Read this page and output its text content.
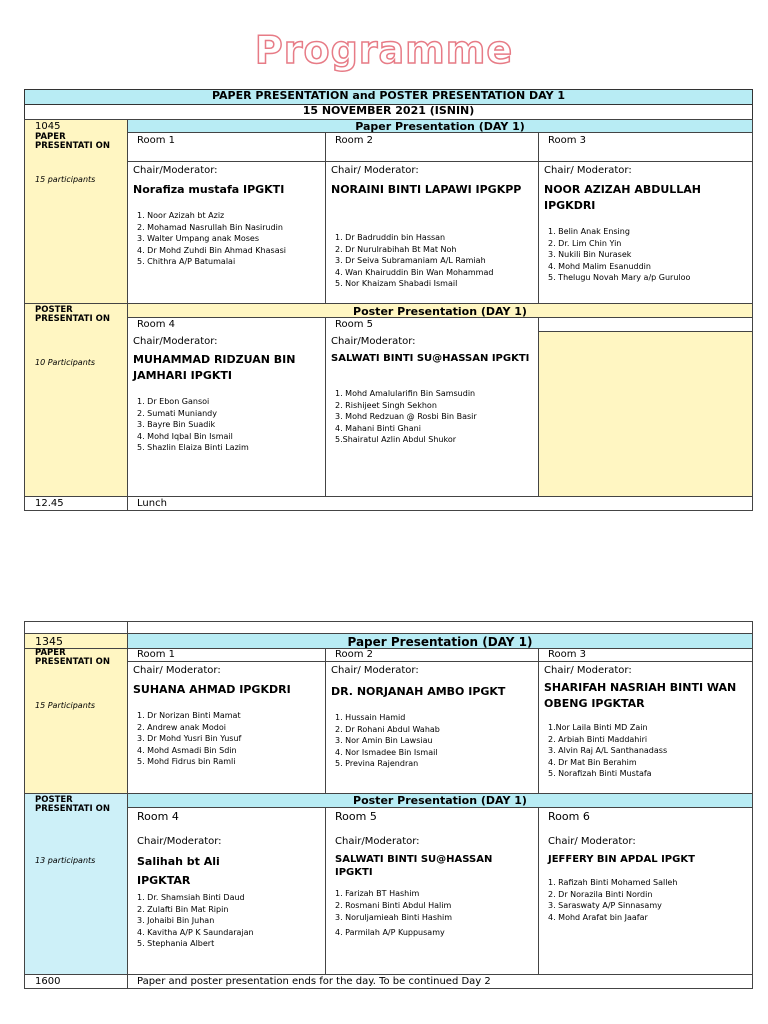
Programme
PAPER PRESENTATION and POSTER PRESENTATION DAY 1
15 NOVEMBER 2021 (ISNIN)
1045
PAPER PRESENTATI ON
15 participants
Paper Presentation (DAY 1)
Room 1	Room 2	Room 3
Chair/Moderator:
Norafiza mustafa IPGKTI
1. Noor Azizah bt Aziz
2. Mohamad Nasrullah Bin Nasirudin
3. Walter Umpang anak Moses
4. Dr Mohd Zuhdi Bin Ahmad Khasasi
5. Chithra A/P Batumalai
Chair/ Moderator:
NORAINI BINTI LAPAWI IPGKPP
1. Dr Badruddin bin Hassan
2. Dr Nurulrabihah Bt Mat Noh
3. Dr Seiva Subramaniam A/L Ramiah
4. Wan Khairuddin Bin Wan Mohammad
5. Nor Khaizam Shabadi Ismail
Chair/ Moderator:
NOOR AZIZAH ABDULLAH IPGKDRI
1. Belin Anak Ensing
2. Dr. Lim Chin Yin
3. Nukili Bin Nurasek
4. Mohd Malim Esanuddin
5. Thelugu Novah Mary a/p Guruloo
POSTER PRESENTATI ON
10 Participants
Poster Presentation (DAY 1)
Room 4
Chair/Moderator:
MUHAMMAD RIDZUAN BIN JAMHARI IPGKTI
1. Dr Ebon Gansoi
2. Sumati Muniandy
3. Bayre Bin Suadik
4. Mohd Iqbal Bin Ismail
5. Shazlin Elaiza Binti Lazim
Room 5
Chair/Moderator:
SALWATI BINTI SU@HASSAN IPGKTI
1. Mohd Amalularifin Bin Samsudin
2. Rishijeet Singh Sekhon
3. Mohd Redzuan @ Rosbi Bin Basir
4. Mahani Binti Ghani
5.Shairatul Azlin Abdul Shukor
12.45	Lunch
1345	Paper Presentation (DAY 1)
PAPER PRESENTATI ON
15 Participants
Room 1	Room 2	Room 3
Chair/ Moderator:
SUHANA AHMAD IPGKDRI
1. Dr Norizan Binti Mamat
2. Andrew anak Modoi
3. Dr Mohd Yusri Bin Yusuf
4. Mohd Asmadi Bin Sdin
5. Mohd Fidrus bin Ramli
Chair/ Moderator:
DR. NORJANAH AMBO IPGKT
1. Hussain Hamid
2. Dr Rohani Abdul Wahab
3. Nor Amin Bin Lawsiau
4. Nor Ismadee Bin Ismail
5. Previna Rajendran
Chair/ Moderator:
SHARIFAH NASRIAH BINTI WAN OBENG IPGKTAR
1.Nor Laila Binti MD Zain
2. Arbiah Binti Maddahiri
3. Alvin Raj A/L Santhanadass
4. Dr Mat Bin Berahim
5. Norafizah Binti Mustafa
POSTER PRESENTATI ON
13 participants
Poster Presentation (DAY 1)
Room 4
Chair/Moderator:
Salihah bt Ali IPGKTAR
1. Dr. Shamsiah Binti Daud
2. Zulafti Bin Mat Ripin
3. Johaibi Bin Juhan
4. Kavitha A/P K Saundarajan
5. Stephania Albert
Room 5
Chair/Moderator:
SALWATI BINTI SU@HASSAN IPGKTI
1. Farizah BT Hashim
2. Rosmani Binti Abdul Halim
3. Noruljamieah Binti Hashim
4. Parmilah A/P Kuppusamy
Room 6
Chair/ Moderator:
JEFFERY BIN APDAL IPGKT
1. Rafizah Binti Mohamed Salleh
2. Dr Norazila Binti Nordin
3. Saraswaty A/P Sinnasamy
4. Mohd Arafat bin Jaafar
1600	Paper and poster presentation ends for the day. To be continued Day 2
